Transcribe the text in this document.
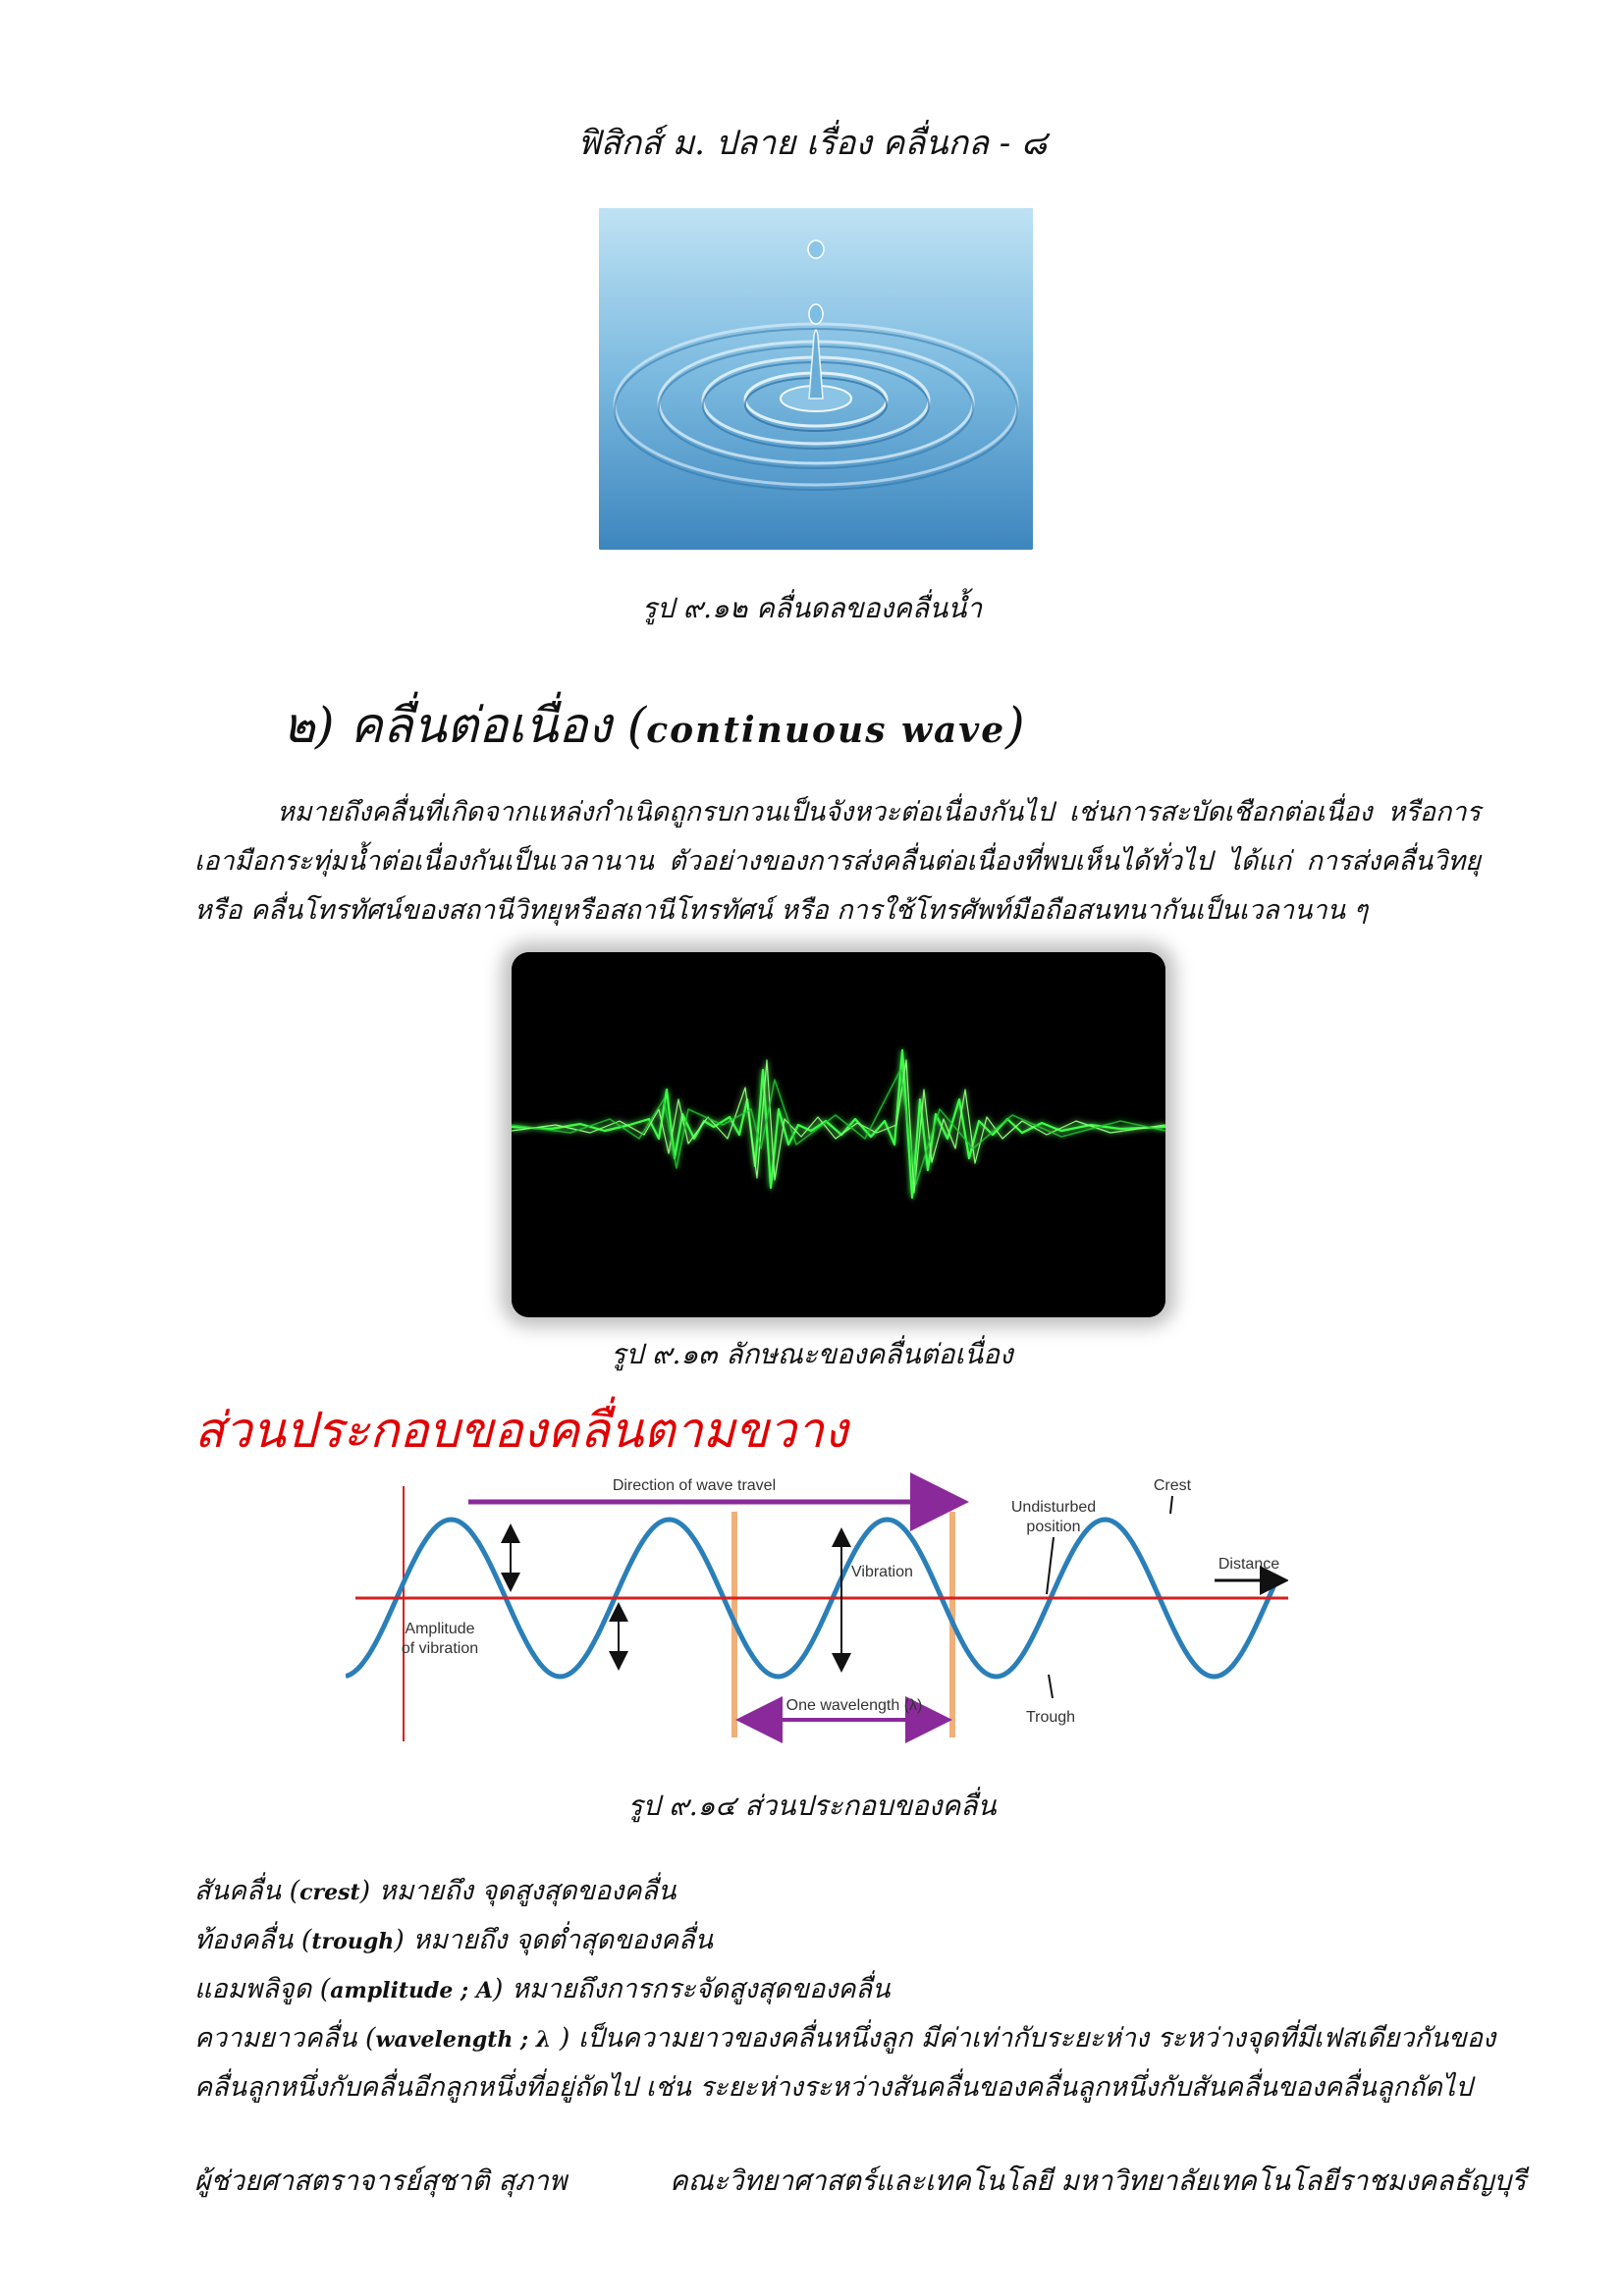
ฟิสิกส์ ม. ปลาย เรื่อง คลื่นกล - ๘
รูป ๙.๑๒ คลื่นดลของคลื่นน้ำ
๒) คลื่นต่อเนื่อง (continuous wave)
หมายถึงคลื่นที่เกิดจากแหล่งกำเนิดถูกรบกวนเป็นจังหวะต่อเนื่องกันไป เช่นการสะบัดเชือกต่อเนื่อง หรือการเอามือกระทุ่มน้ำต่อเนื่องกันเป็นเวลานาน ตัวอย่างของการส่งคลื่นต่อเนื่องที่พบเห็นได้ทั่วไป ได้แก่ การส่งคลื่นวิทยุ หรือ คลื่นโทรทัศน์ของสถานีวิทยุหรือสถานีโทรทัศน์ หรือ การใช้โทรศัพท์มือถือสนทนากันเป็นเวลานาน ๆ
รูป ๙.๑๓ ลักษณะของคลื่นต่อเนื่อง
ส่วนประกอบของคลื่นตามขวาง
Direction of wave travel
One wavelength (λ)
Amplitude
of vibration
Vibration
Undisturbed
position
Crest
Distance
Trough
รูป ๙.๑๔ ส่วนประกอบของคลื่น
สันคลื่น (crest) หมายถึง จุดสูงสุดของคลื่น
ท้องคลื่น (trough) หมายถึง จุดต่ำสุดของคลื่น
แอมพลิจูด (amplitude ; A) หมายถึงการกระจัดสูงสุดของคลื่น
ความยาวคลื่น (wavelength ; λ ) เป็นความยาวของคลื่นหนึ่งลูก มีค่าเท่ากับระยะห่าง ระหว่างจุดที่มีเฟสเดียวกันของ
คลื่นลูกหนึ่งกับคลื่นอีกลูกหนึ่งที่อยู่ถัดไป เช่น ระยะห่างระหว่างสันคลื่นของคลื่นลูกหนึ่งกับสันคลื่นของคลื่นลูกถัดไป
ผู้ช่วยศาสตราจารย์สุชาติ สุภาพ	คณะวิทยาศาสตร์และเทคโนโลยี มหาวิทยาลัยเทคโนโลยีราชมงคลธัญบุรี
